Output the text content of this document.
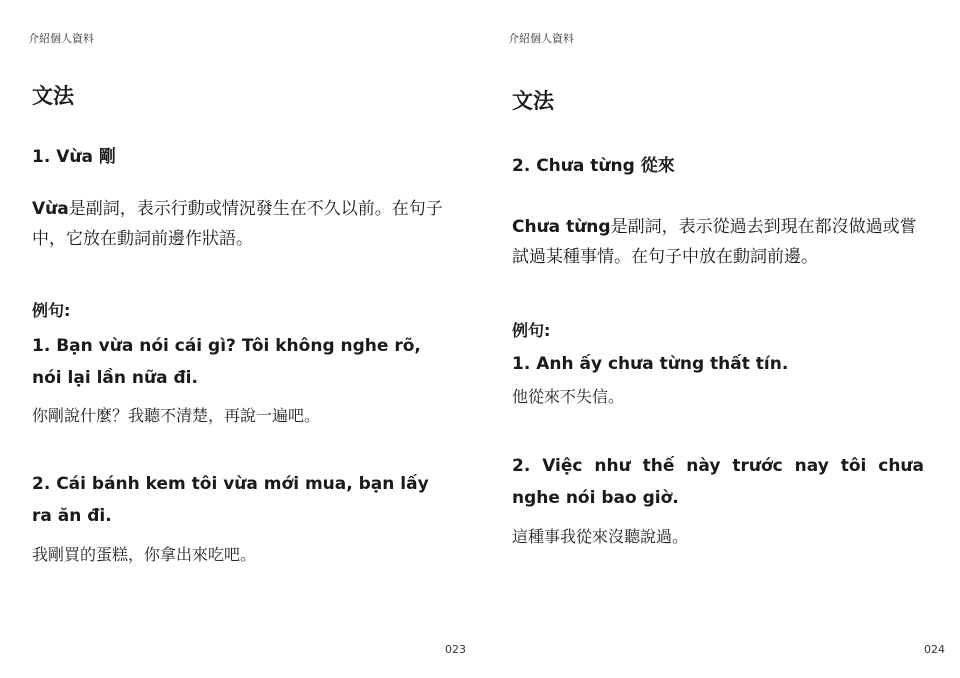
介紹個人資料
文法
1. Vừa 剛
Vừa是副詞，表示行動或情況發生在不久以前。在句子中，它放在動詞前邊作狀語。
例句:
1. Bạn vừa nói cái gì? Tôi không nghe rõ, nói lại lần nữa đi.
你剛說什麼？我聽不清楚，再說一遍吧。
2. Cái bánh kem tôi vừa mới mua, bạn lấy ra ăn đi.
我剛買的蛋糕，你拿出來吃吧。
023
介紹個人資料
文法
2. Chưa từng 從來
Chưa từng是副詞，表示從過去到現在都沒做過或嘗試過某種事情。在句子中放在動詞前邊。
例句:
1. Anh ấy chưa từng thất tín.
他從來不失信。
2. Việc như thế này trước nay tôi chưa nghe nói bao giờ.
這種事我從來沒聽說過。
024
